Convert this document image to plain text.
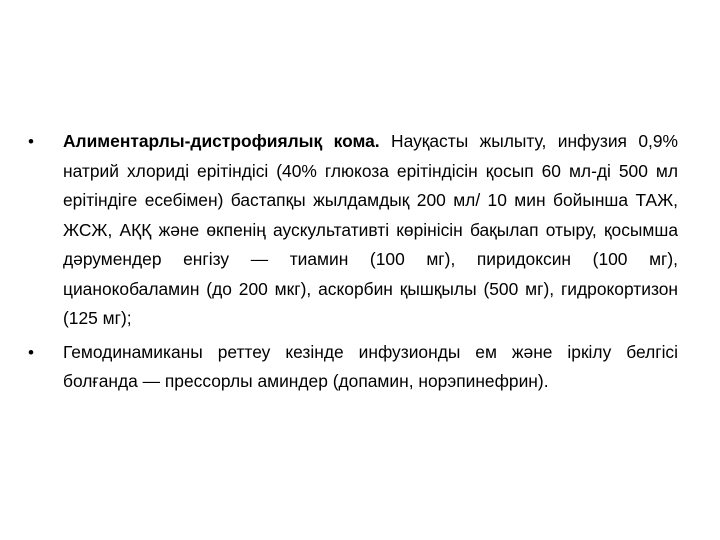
•	Алиментарлы-дистрофиялық кома. Науқасты жылыту, инфузия 0,9% натрий хлориді ерітіндісі (40% глюкоза ерітіндісін қосып 60 мл-ді 500 мл ерітіндіге есебімен) бастапқы жылдамдық 200 мл/ 10 мин бойынша ТАЖ, ЖСЖ, АҚҚ және өкпенің аускультативті көрінісін бақылап отыру, қосымша дәрумендер енгізу — тиамин (100 мг), пиридоксин (100 мг), цианокобаламин (до 200 мкг), аскорбин қышқылы (500 мг), гидрокортизон (125 мг);
•	Гемодинамиканы реттеу кезінде инфузионды ем және іркілу белгісі болғанда — прессорлы аминдер (допамин, норэпинефрин).
